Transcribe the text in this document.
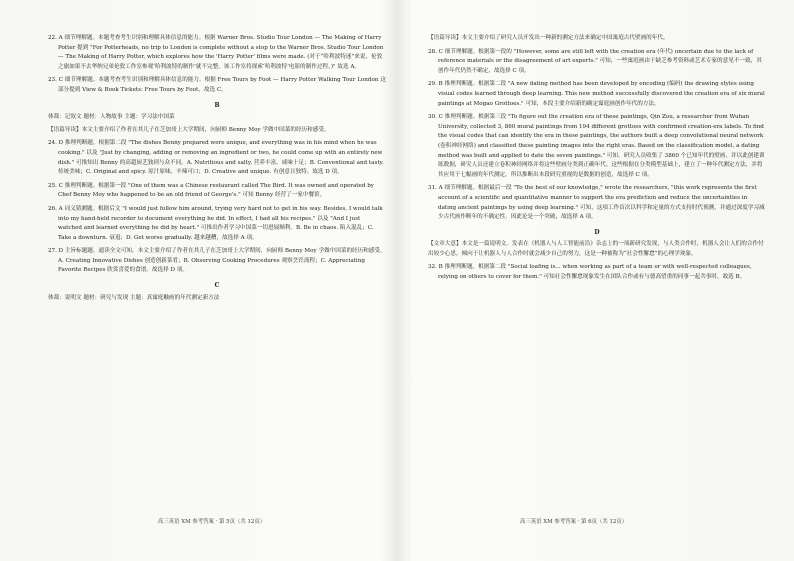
22. A 细节理解题。本题考查考生识别和理解具体信息的能力。根据 Warner Bros. Studio Tour London — The Making of Harry Potter 提到 "For Potterheads, no trip to London is complete without a stop to the Warner Bros. Studio Tour London — The Making of Harry Potter, which explores how the 'Harry Potter' films were made. (对于“哈利波特迷”来说，伦敦之旅如果不去华纳兄弟伦敦工作室参观‘哈利波特的制作’就不完整，该工作室将探索‘哈利波特’电影的制作过程。)" 故选 A。

23. C 细节理解题。本题考查考生识别和理解具体信息的能力。根据 Free Tours by Foot — Harry Potter Walking Tour London 这部分提到 View & Book Tickets: Free Tours by Foot，故选 C。

B

体裁：记叙文 题材：人物故事 主题：学习法中国菜

【语篇导读】本文主要介绍了作者在其儿子在芝加哥上大学期间，向厨师 Benny Moy 学做中国菜的经历和感受。

24. D 推理判断题。根据第二段 "The dishes Benny prepared were unique, and everything was in his mind when he was cooking." 以及 "Just by changing, adding or removing an ingredient or two, he could come up with an entirely new dish." 可推知出 Benny 的高超厨艺独到与众不同。A. Nutritious and salty. 营养丰富，咸味十足；B. Conventional and tasty. 传统美味；C. Original and spicy. 原汁原味，辛辣可口；D. Creative and unique. 有创意且独特。故选 D 项。

25. C 推理判断题。根据第一段 "One of them was a Chinese restaurant called The Bird. It was owned and operated by Chef Benny Moy who happened to be an old friend of George's." 可知 Benny 经营了一家中餐馆。

26. A 词义猜测题。根据后文 "I would just follow him around, trying very hard not to get in his way. Besides, I would talk into my hand-held recorder to document everything he did. In effect, I had all his recipes." 以及 "And I just watched and learned everything he did by heart." 可推出作者学习中国菜一切进展顺利。B. Be in chaos. 陷入混乱；C. Take a downturn. 衰退；D. Get worse gradually. 越来越糟，故选择 A 项。

27. D 主旨标题题。通读全文可知，本文主要介绍了作者在其儿子在芝加哥上大学期间，向厨师 Benny Moy 学做中国菜的经历和感受。A. Creating Innovative Dishes 创造创新菜肴；B. Observing Cooking Procedures 观察烹饪流程；C. Appreciating Favorite Recipes 欣赏喜爱的食谱。故选择 D 项。

C

体裁：说明文 题材：研究与发现 主题：真寓庭触画的年代测定新方法

高三英语 XM 参考答案 · 第 5页（共 12页）

【语篇导读】本文主要介绍了研究人员开发出一种新的测定方法来确定中国寓庭古代壁画的年代。

28. C 细节理解题。根据第一段的 "However, some are still left with the creation era (年代) uncertain due to the lack of reference materials or the disagreement of art experts." 可知，一些寓庭画由于缺乏参考资料或艺术专家的意见不一致，其创作年代仍然不确定，故选择 C 项。

29. B 推理判断题。根据第二段 "A new dating method has been developed by encoding (编码) the drawing styles using visual codes learned through deep learning. This new method successfully discovered the creation era of six mural paintings at Mogao Grottoes." 可知，本段主要介绍新的确定寓庭画创作年代的方法。

30. C 推理判断题。根据第三段 "To figure out the creation era of these paintings, Qin Zou, a researcher from Wuhan University, collected 3, 860 mural paintings from 194 different grottoes with confirmed creation-era labels. To find the visual codes that can identify the era in these paintings, the authors built a deep convolutional neural network (卷积神经网络) and classified these painting images into the right eras. Based on the classification model, a dating method was built and applied to date the seven paintings." 可知，研究人员收集了 3860 个已知年代的壁画，并以此创建训练数据，研究人员还建立卷积神经网络并将这些壁画分类到正确年代。这些根据在分类模型基础上，建立了一种年代测定方法，并将其应用于七幅画的年代测定。所以推断出本段研究重视的是数据的创造，故选择 C 项。

31. A 细节理解题。根据最后一段 "To the best of our knowledge," wrote the researchers, "this work represents the first account of a scientific and quantitative manner to support the era prediction and reduce the uncertainties in dating ancient paintings by using deep learning." 可知，这项工作首次以科学和定量的方式支持时代预测，并通过深度学习减少古代画作断年的不确定性。因此论是一个突破，故选择 A 项。

D

【文章大意】本文是一篇说明文。发表在《机器人与人工智能前沿》杂志上的一项新研究发现，与人类合作时，机器人会让人们的合作付出较少心思，倾向于让机器人与人合作时就会减少自己的努力，这是一种被称为“社会性懈怠”的心理学现象。

32. B 推理判断题。根据第二段 "Social loafing is... when working as part of a team or with well-respected colleagues, relying on others to cover for them." 可知社会性懈怠现象发生在团队合作或有与德高望重的同事一起共事时，故选 B。

高三英语 XM 参考答案 · 第 6页（共 12页）
